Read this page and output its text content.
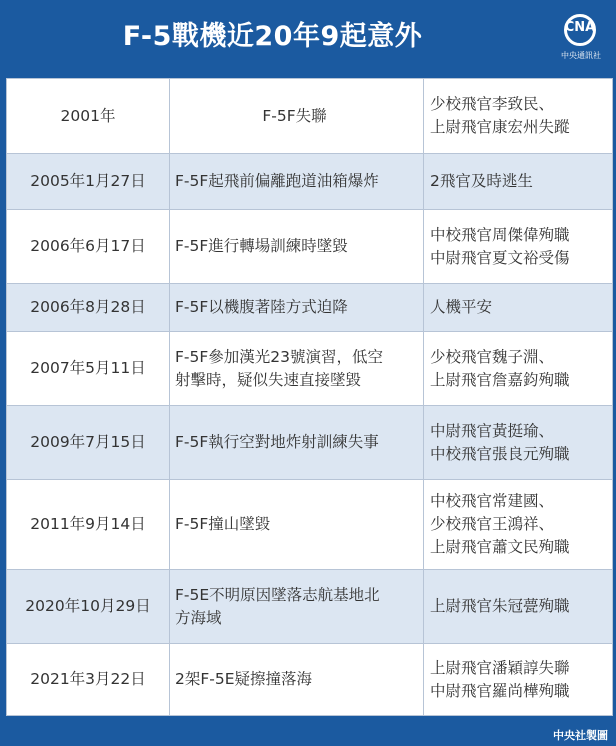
F-5戰機近20年9起意外	CNA
中央通訊社
2001年	F-5F失聯	少校飛官李致民、
上尉飛官康宏州失蹤
2005年1月27日	F-5F起飛前偏離跑道油箱爆炸	2飛官及時逃生
2006年6月17日	F-5F進行轉場訓練時墜毀	中校飛官周傑偉殉職
中尉飛官夏文裕受傷
2006年8月28日	F-5F以機腹著陸方式迫降	人機平安
2007年5月11日	F-5F參加漢光23號演習，低空
射擊時，疑似失速直接墜毀	少校飛官魏子淵、
上尉飛官詹嘉鈞殉職
2009年7月15日	F-5F執行空對地炸射訓練失事	中尉飛官黃挺瑜、
中校飛官張良元殉職
2011年9月14日	F-5F撞山墜毀	中校飛官常建國、
少校飛官王鴻祥、
上尉飛官蕭文民殉職
2020年10月29日	F-5E不明原因墜落志航基地北
方海域	上尉飛官朱冠甍殉職
2021年3月22日	2架F-5E疑擦撞落海	上尉飛官潘穎諄失聯
中尉飛官羅尚樺殉職
中央社製圖
